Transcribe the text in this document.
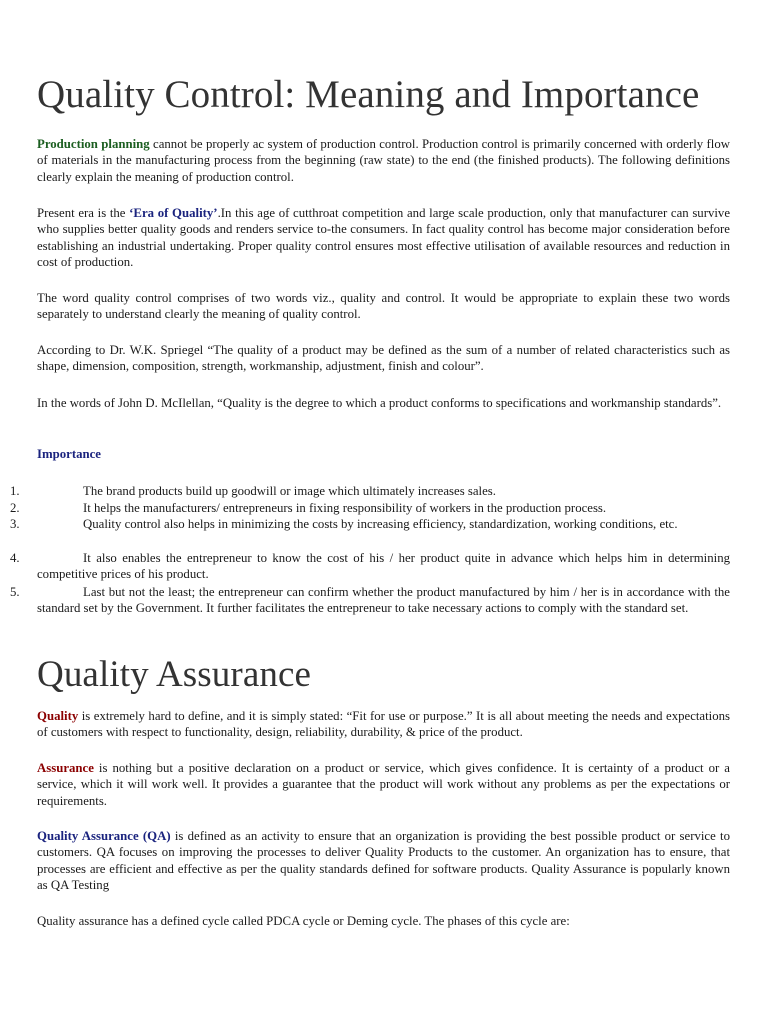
Quality Control: Meaning and Importance

Production planning cannot be properly ac system of production control. Production control is primarily concerned with orderly flow of materials in the manufacturing process from the beginning (raw state) to the end (the finished products). The following definitions clearly explain the meaning of production control.

Present era is the ‘Era of Quality’.In this age of cutthroat competition and large scale production, only that manufacturer can survive who supplies better quality goods and renders service to-the consumers. In fact quality control has become major consideration before establishing an industrial undertaking. Proper quality control ensures most effective utilisation of available resources and reduction in cost of production.

The word quality control comprises of two words viz., quality and control. It would be appropriate to explain these two words separately to understand clearly the meaning of quality control.

According to Dr. W.K. Spriegel “The quality of a product may be defined as the sum of a number of related characteristics such as shape, dimension, composition, strength, workmanship, adjustment, finish and colour”.

In the words of John D. McIlellan, “Quality is the degree to which a product conforms to specifications and workmanship standards”.

Importance
1.	The brand products build up goodwill or image which ultimately increases sales.
2.	It helps the manufacturers/ entrepreneurs in fixing responsibility of workers in the production process.
3.	Quality control also helps in minimizing the costs by increasing efficiency, standardization, working conditions, etc.
4.	It also enables the entrepreneur to know the cost of his / her product quite in advance which helps him in determining competitive prices of his product.
5.	Last but not the least; the entrepreneur can confirm whether the product manufactured by him / her is in accordance with the standard set by the Government. It further facilitates the entrepreneur to take necessary actions to comply with the standard set.
Quality Assurance

Quality is extremely hard to define, and it is simply stated: “Fit for use or purpose.” It is all about meeting the needs and expectations of customers with respect to functionality, design, reliability, durability, & price of the product.

Assurance is nothing but a positive declaration on a product or service, which gives confidence. It is certainty of a product or a service, which it will work well. It provides a guarantee that the product will work without any problems as per the expectations or requirements.

Quality Assurance (QA) is defined as an activity to ensure that an organization is providing the best possible product or service to customers. QA focuses on improving the processes to deliver Quality Products to the customer. An organization has to ensure, that processes are efficient and effective as per the quality standards defined for software products. Quality Assurance is popularly known as QA Testing

Quality assurance has a defined cycle called PDCA cycle or Deming cycle. The phases of this cycle are:
